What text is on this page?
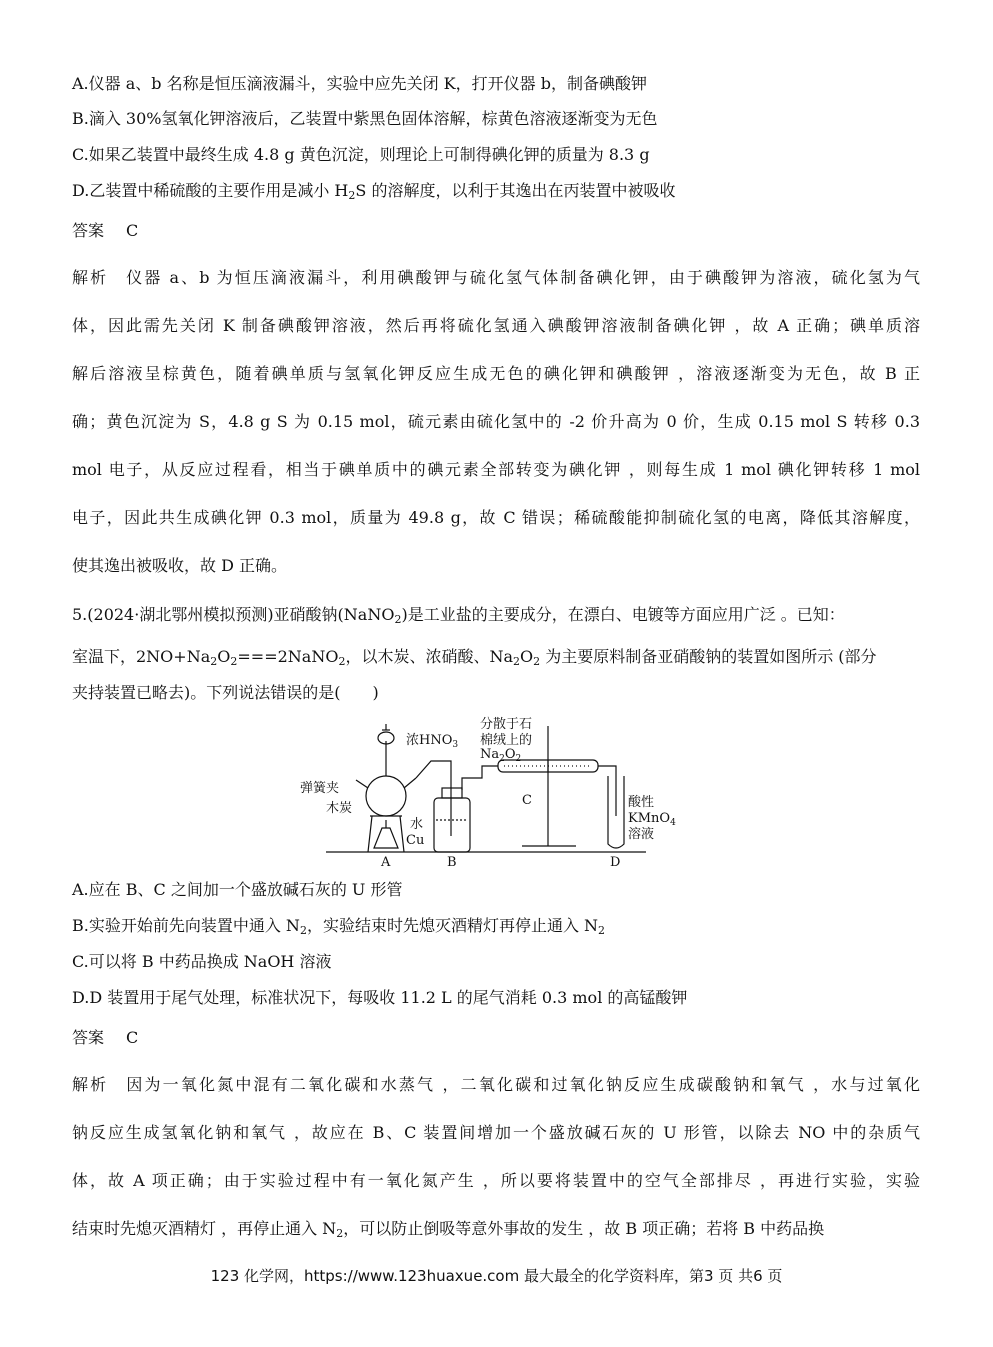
A.仪器 a、b 名称是恒压滴液漏斗，实验中应先关闭 K，打开仪器 b，制备碘酸钾
B.滴入 30%氢氧化钾溶液后，乙装置中紫黑色固体溶解，棕黄色溶液逐渐变为无色
C.如果乙装置中最终生成 4.8 g 黄色沉淀，则理论上可制得碘化钾的质量为 8.3 g
D.乙装置中稀硫酸的主要作用是减小 $H_2S$ 的溶解度，以利于其逸出在丙装置中被吸收
答案 C
解析 仪器 a、b 为恒压滴液漏斗，利用碘酸钾与硫化氢气体制备碘化钾，由于碘酸钾为溶液，硫化氢为气
体，因此需先关闭 K 制备碘酸钾溶液，然后再将硫化氢通入碘酸钾溶液制备碘化钾 ，故 A 正确；碘单质溶
解后溶液呈棕黄色，随着碘单质与氢氧化钾反应生成无色的碘化钾和碘酸钾 ，溶液逐渐变为无色，故 B 正
确；黄色沉淀为 S，4.8 g S 为 0.15 mol，硫元素由硫化氢中的 -2 价升高为 0 价，生成 0.15 mol S 转移 0.3
mol 电子，从反应过程看，相当于碘单质中的碘元素全部转变为碘化钾 ，则每生成 1 mol 碘化钾转移 1 mol
电子，因此共生成碘化钾 0.3 mol，质量为 49.8 g，故 C 错误；稀硫酸能抑制硫化氢的电离，降低其溶解度，
使其逸出被吸收，故 D 正确。
5.(2024·湖北鄂州模拟预测)亚硝酸钠(NaNO$_2$)是工业盐的主要成分，在漂白、电镀等方面应用广泛 。已知：
室温下，$2NO+Na_2O_2===2NaNO_2$，以木炭、浓硝酸、$Na_2O_2$ 为主要原料制备亚硝酸钠的装置如图所示 (部分
夹持装置已略去)。下列说法错误的是(　　)
浓$HNO_3$
弹簧夹
木炭
水
Cu
分散于石
棉绒上的
$Na_2O_2$
酸性
KMnO$_4$
溶液
A	B
C
D
A.应在 B、C 之间加一个盛放碱石灰的 U 形管
B.实验开始前先向装置中通入 $N_2$，实验结束时先熄灭酒精灯再停止通入 $N_2$
C.可以将 B 中药品换成 NaOH 溶液
D.D 装置用于尾气处理，标准状况下，每吸收 11.2 L 的尾气消耗 0.3 mol 的高锰酸钾
答案 C
解析 因为一氧化氮中混有二氧化碳和水蒸气 ，二氧化碳和过氧化钠反应生成碳酸钠和氧气 ，水与过氧化
钠反应生成氢氧化钠和氧气 ，故应在 B、C 装置间增加一个盛放碱石灰的 U 形管，以除去 NO 中的杂质气
体，故 A 项正确；由于实验过程中有一氧化氮产生 ，所以要将装置中的空气全部排尽 ，再进行实验，实验
结束时先熄灭酒精灯 ，再停止通入 $N_2$，可以防止倒吸等意外事故的发生 ，故 B 项正确；若将 B 中药品换
123 化学网，https://www.123huaxue.com 最大最全的化学资料库，第3 页 共6 页
